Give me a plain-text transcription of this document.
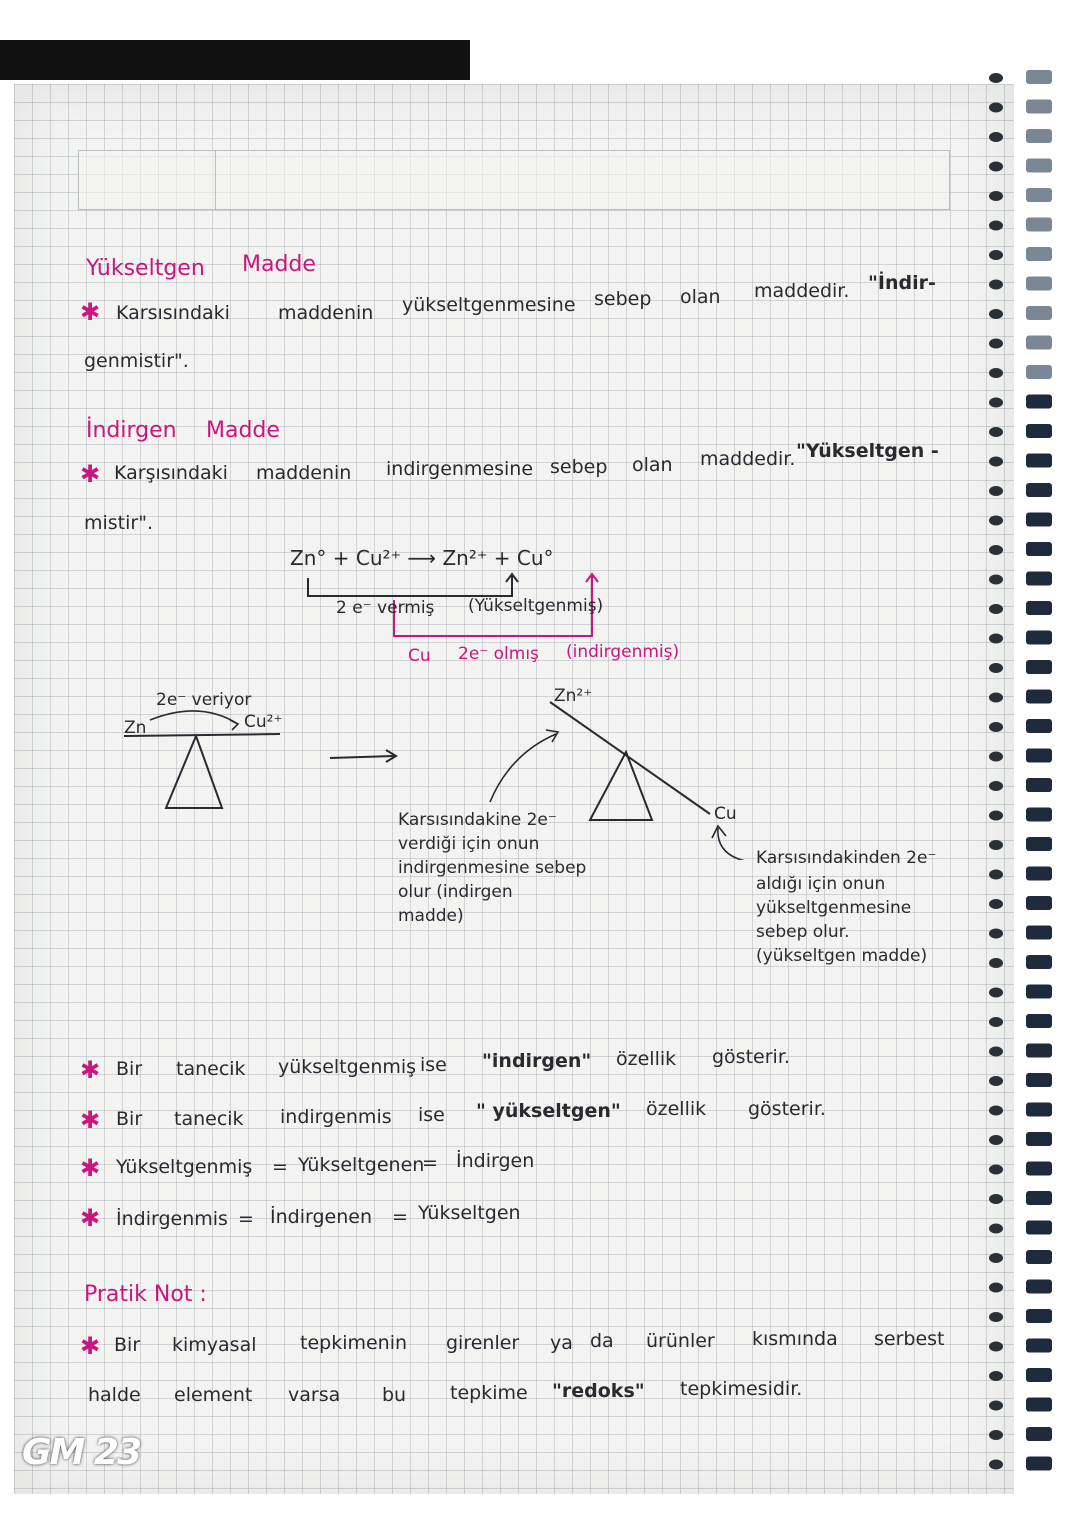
Yükseltgen Madde
✱ Karsısındaki	maddenin yükseltgenmesine sebep olan maddedir. "İndir-
genmistir".
İndirgen Madde
✱ Karşısındaki maddenin indirgenmesine sebep olan maddedir. "Yükseltgen -
mistir".
Zn° + Cu²⁺ ⟶ Zn²⁺ + Cu°
2 e⁻ vermiş (Yükseltgenmiş)
Cu 2e⁻ olmış (indirgenmiş)
2e⁻ veriyor
Zn	Cu²⁺
Zn²⁺
Cu
Karsısındakine 2e⁻
verdiği için onun
indirgenmesine sebep
olur (indirgen
madde)
Karsısındakinden 2e⁻
aldığı için onun
yükseltgenmesine
sebep olur.
(yükseltgen madde)
✱ Bir tanecik yükseltgenmiş ise "indirgen" özellik gösterir.
✱ Bir tanecik indirgenmis ise " yükseltgen" özellik gösterir.
✱ Yükseltgenmiş = Yükseltgenen
= İndirgen
✱ İndirgenmis = İndirgenen = Yükseltgen
Pratik Not :
✱ Bir kimyasal tepkimenin girenler ya da ürünler kısmında serbest
halde element varsa bu tepkime "redoks" tepkimesidir.
GM 23
